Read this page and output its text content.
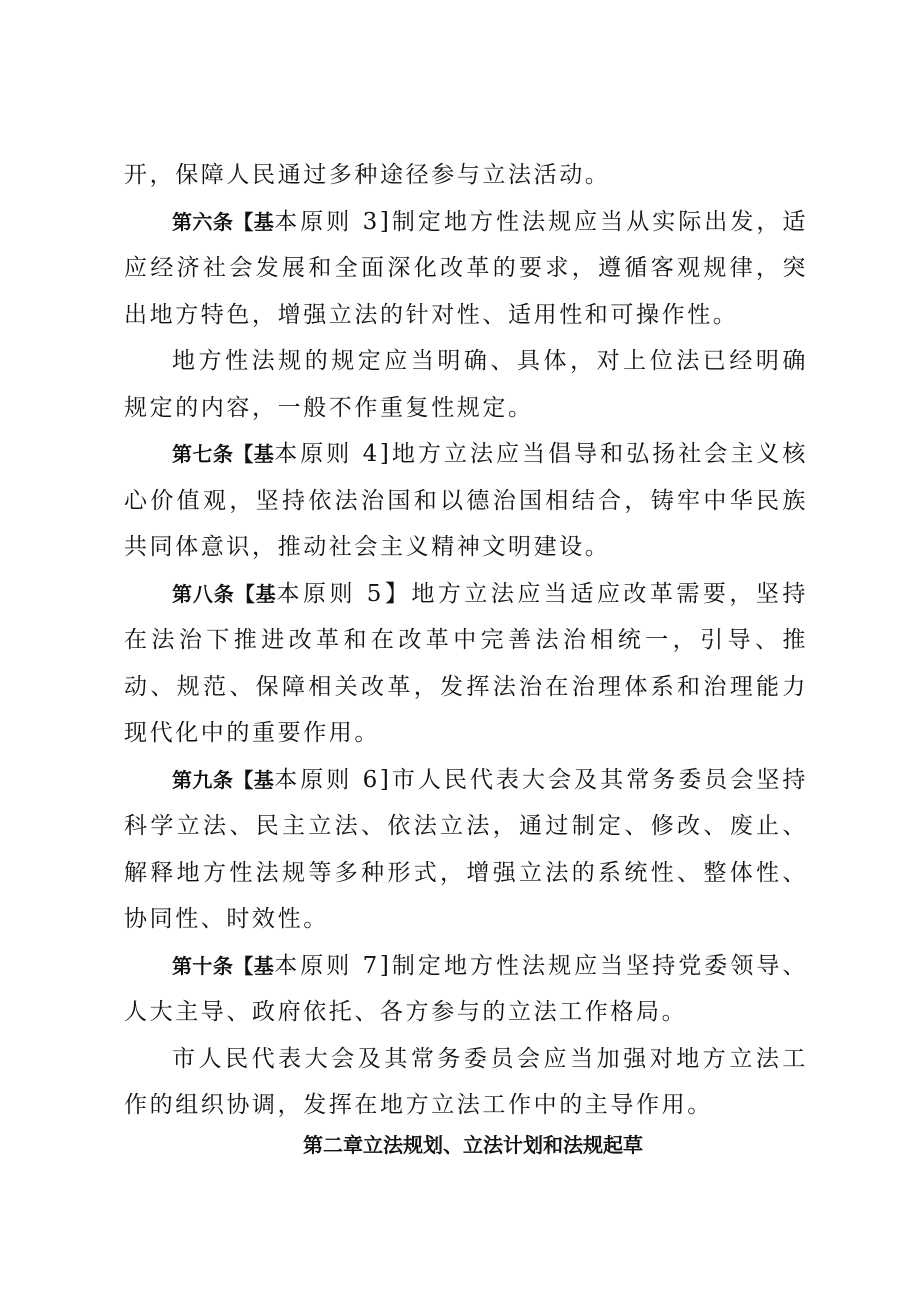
开，保障人民通过多种途径参与立法活动。

第六条【基本原则 3]制定地方性法规应当从实际出发，适应经济社会发展和全面深化改革的要求，遵循客观规律，突出地方特色，增强立法的针对性、适用性和可操作性。

地方性法规的规定应当明确、具体，对上位法已经明确规定的内容，一般不作重复性规定。

第七条【基本原则 4]地方立法应当倡导和弘扬社会主义核心价值观，坚持依法治国和以德治国相结合，铸牢中华民族共同体意识，推动社会主义精神文明建设。

第八条【基本原则 5】地方立法应当适应改革需要，坚持在法治下推进改革和在改革中完善法治相统一，引导、推动、规范、保障相关改革，发挥法治在治理体系和治理能力现代化中的重要作用。

第九条【基本原则 6]市人民代表大会及其常务委员会坚持科学立法、民主立法、依法立法，通过制定、修改、废止、解释地方性法规等多种形式，增强立法的系统性、整体性、协同性、时效性。

第十条【基本原则 7]制定地方性法规应当坚持党委领导、人大主导、政府依托、各方参与的立法工作格局。

市人民代表大会及其常务委员会应当加强对地方立法工作的组织协调，发挥在地方立法工作中的主导作用。

第二章立法规划、立法计划和法规起草
